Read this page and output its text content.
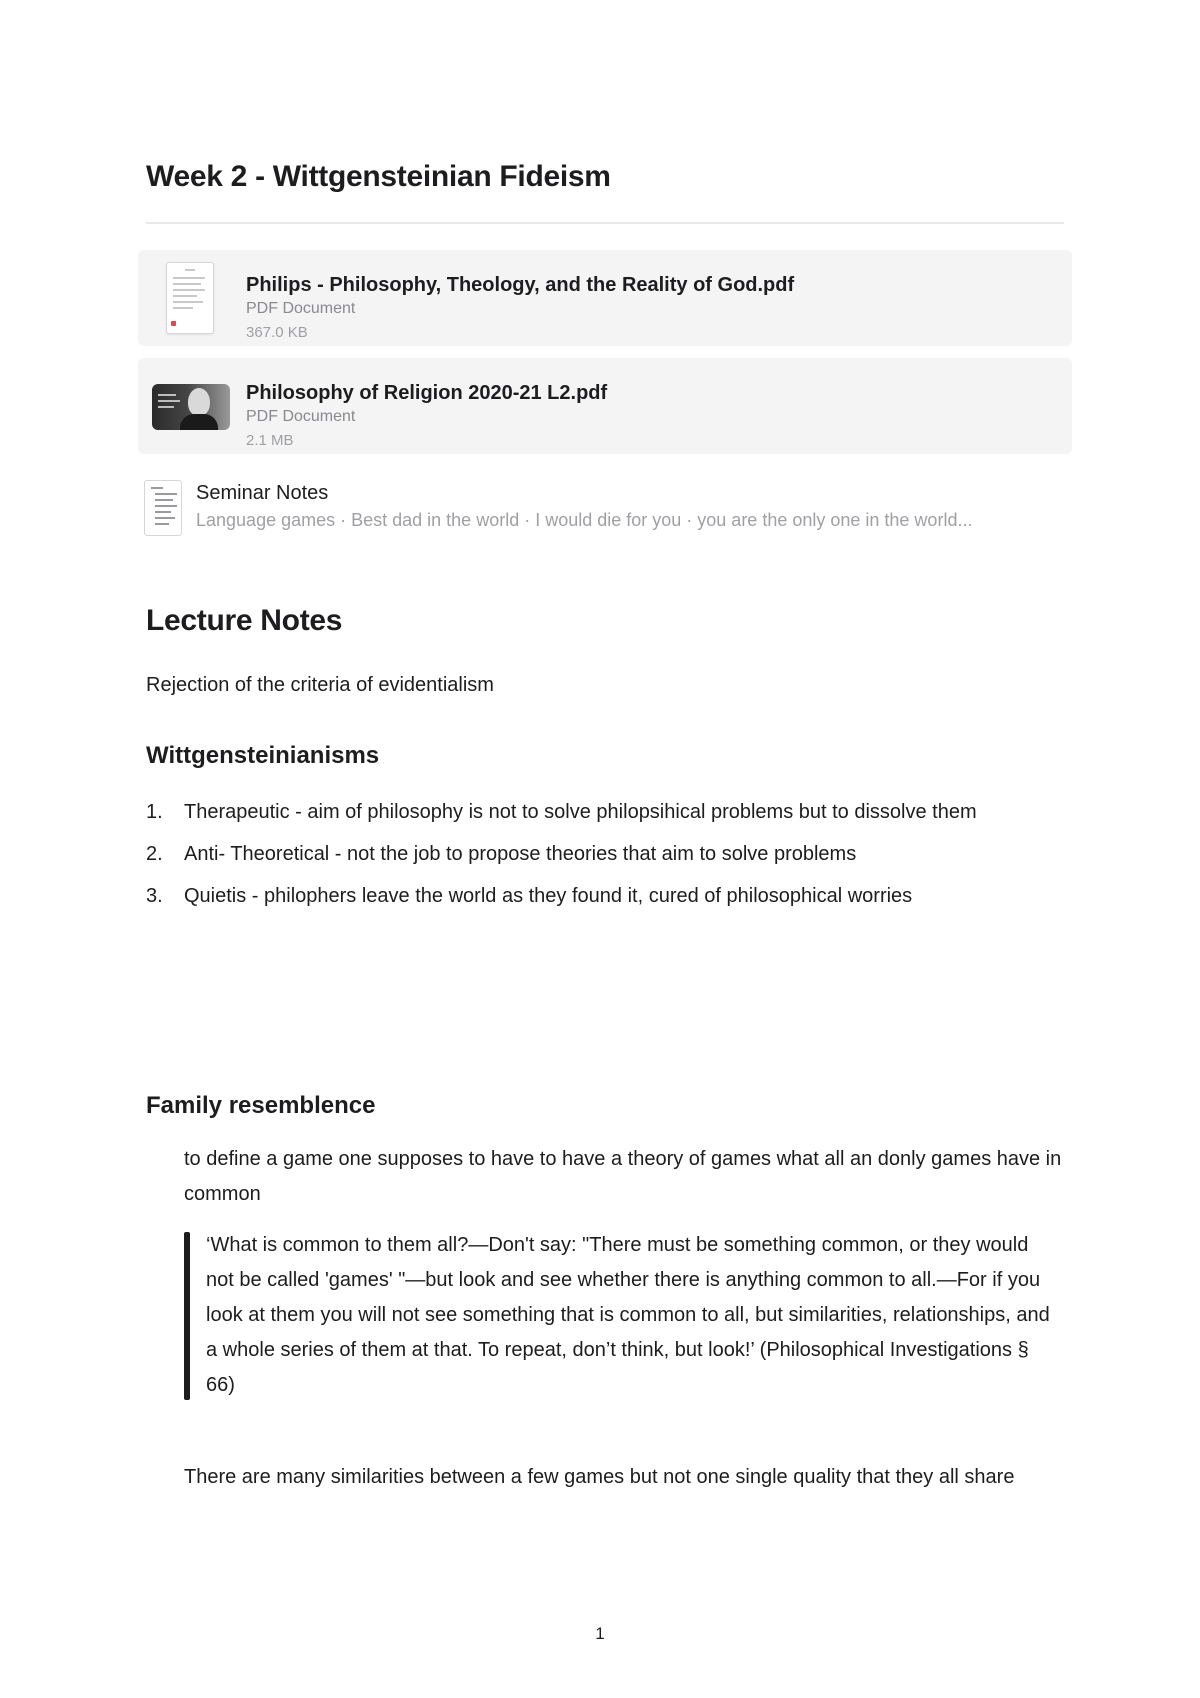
Week 2 - Wittgensteinian Fideism
Philips - Philosophy, Theology, and the Reality of God.pdf
PDF Document
367.0 KB
Philosophy of Religion 2020-21 L2.pdf
PDF Document
2.1 MB
Seminar Notes
Language games · Best dad in the world · I would die for you · you are the only one in the world...
Lecture Notes

Rejection of the criteria of evidentialism

Wittgensteinianisms
1. Therapeutic - aim of philosophy is not to solve philopsihical problems but to dissolve them
2. Anti- Theoretical - not the job to propose theories that aim to solve problems
3. Quietis - philophers leave the world as they found it, cured of philosophical worries
Family resemblence

to define a game one supposes to have to have a theory of games what all an donly games have in common

‘What is common to them all?—Don't say: "There must be something common, or they would not be called 'games' "—but look and see whether there is anything common to all.—For if you look at them you will not see something that is common to all, but similarities, relationships, and a whole series of them at that. To repeat, don’t think, but look!’ (Philosophical Investigations § 66)

There are many similarities between a few games but not one single quality that they all share

1
